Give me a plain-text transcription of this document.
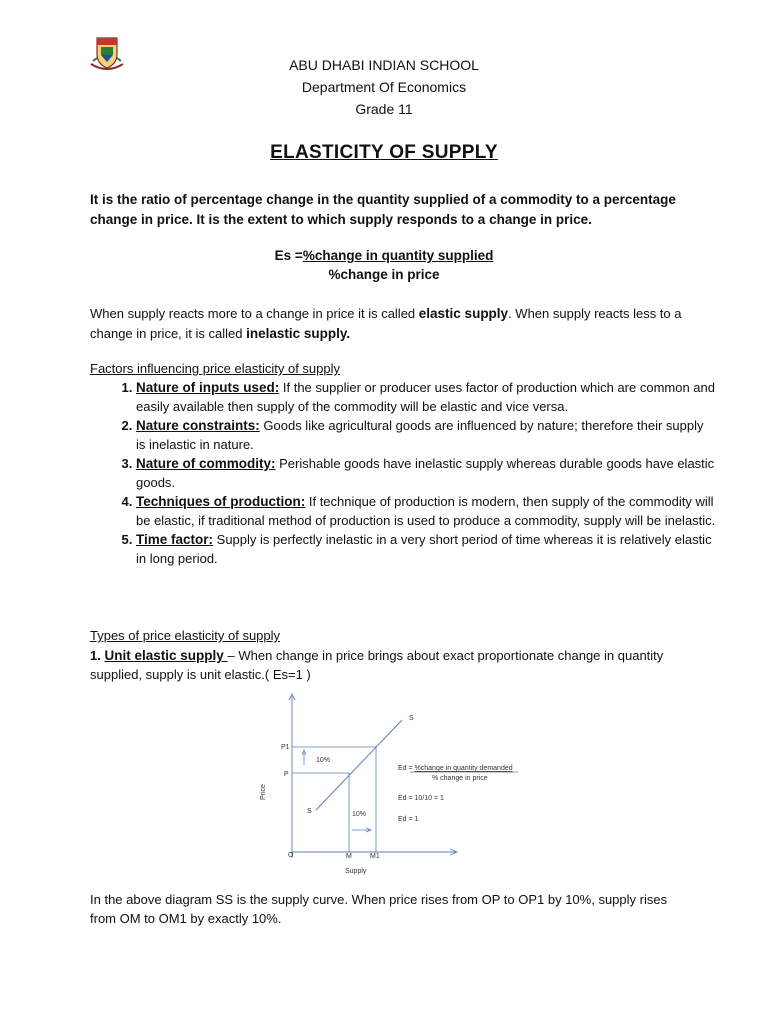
ABU DHABI INDIAN SCHOOL
Department Of Economics
Grade 11
ELASTICITY OF SUPPLY
It is the ratio of percentage change in the quantity supplied of a commodity to a percentage change in price. It is the extent to which supply responds to a change in price.
Es =%change in quantity supplied
%change in price
When supply reacts more to a change in price it is called elastic supply. When supply reacts less to a change in price, it is called inelastic supply.
Factors influencing price elasticity of supply
1. Nature of inputs used: If the supplier or producer uses factor of production which are common and easily available then supply of the commodity will be elastic and vice versa.
2. Nature constraints: Goods like agricultural goods are influenced by nature; therefore their supply is inelastic in nature.
3. Nature of commodity: Perishable goods have inelastic supply whereas durable goods have elastic goods.
4. Techniques of production: If technique of production is modern, then supply of the commodity will be elastic, if traditional method of production is used to produce a commodity, supply will be inelastic.
5. Time factor: Supply is perfectly inelastic in a very short period of time whereas it is relatively elastic in long period.
Types of price elasticity of supply
1. Unit elastic supply – When change in price brings about exact proportionate change in quantity supplied, supply is unit elastic.( Es=1 )
Price
Supply
O
P1
P
M	M1
S
S
10%
10%
Ed = %change in quantity demanded
% change in price
Ed = 10/10 = 1
Ed = 1
In the above diagram SS is the supply curve. When price rises from OP to OP1 by 10%, supply rises from OM to OM1 by exactly 10%.
